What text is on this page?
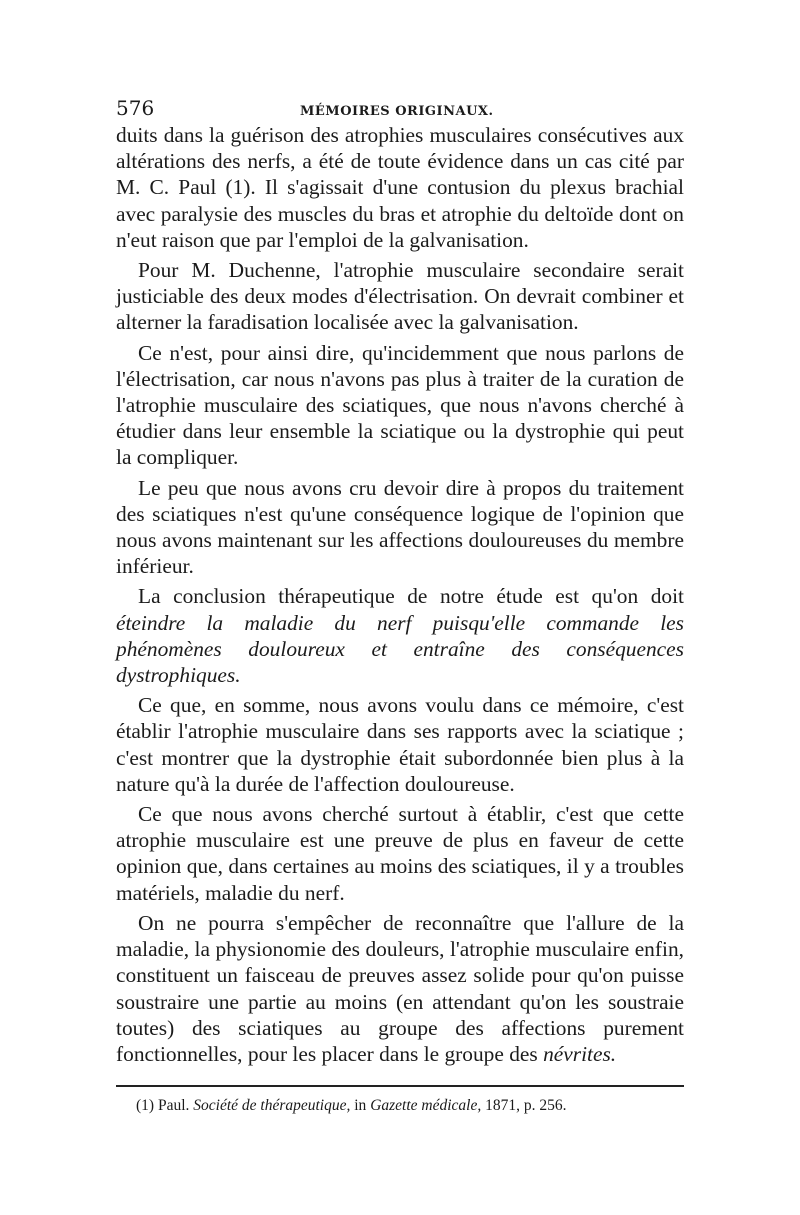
576	MÉMOIRES ORIGINAUX.

duits dans la guérison des atrophies musculaires consécutives aux altérations des nerfs, a été de toute évidence dans un cas cité par M. C. Paul (1). Il s'agissait d'une contusion du plexus brachial avec paralysie des muscles du bras et atrophie du deltoïde dont on n'eut raison que par l'emploi de la galvanisation.

Pour M. Duchenne, l'atrophie musculaire secondaire serait justiciable des deux modes d'électrisation. On devrait combiner et alterner la faradisation localisée avec la galvanisation.

Ce n'est, pour ainsi dire, qu'incidemment que nous parlons de l'électrisation, car nous n'avons pas plus à traiter de la curation de l'atrophie musculaire des sciatiques, que nous n'avons cherché à étudier dans leur ensemble la sciatique ou la dystrophie qui peut la compliquer.

Le peu que nous avons cru devoir dire à propos du traitement des sciatiques n'est qu'une conséquence logique de l'opinion que nous avons maintenant sur les affections douloureuses du membre inférieur.

La conclusion thérapeutique de notre étude est qu'on doit éteindre la maladie du nerf puisqu'elle commande les phénomènes douloureux et entraîne des conséquences dystrophiques.

Ce que, en somme, nous avons voulu dans ce mémoire, c'est établir l'atrophie musculaire dans ses rapports avec la sciatique ; c'est montrer que la dystrophie était subordonnée bien plus à la nature qu'à la durée de l'affection douloureuse.

Ce que nous avons cherché surtout à établir, c'est que cette atrophie musculaire est une preuve de plus en faveur de cette opinion que, dans certaines au moins des sciatiques, il y a troubles matériels, maladie du nerf.

On ne pourra s'empêcher de reconnaître que l'allure de la maladie, la physionomie des douleurs, l'atrophie musculaire enfin, constituent un faisceau de preuves assez solide pour qu'on puisse soustraire une partie au moins (en attendant qu'on les soustraie toutes) des sciatiques au groupe des affections purement fonctionnelles, pour les placer dans le groupe des névrites.

(1) Paul. Société de thérapeutique, in Gazette médicale, 1871, p. 256.
